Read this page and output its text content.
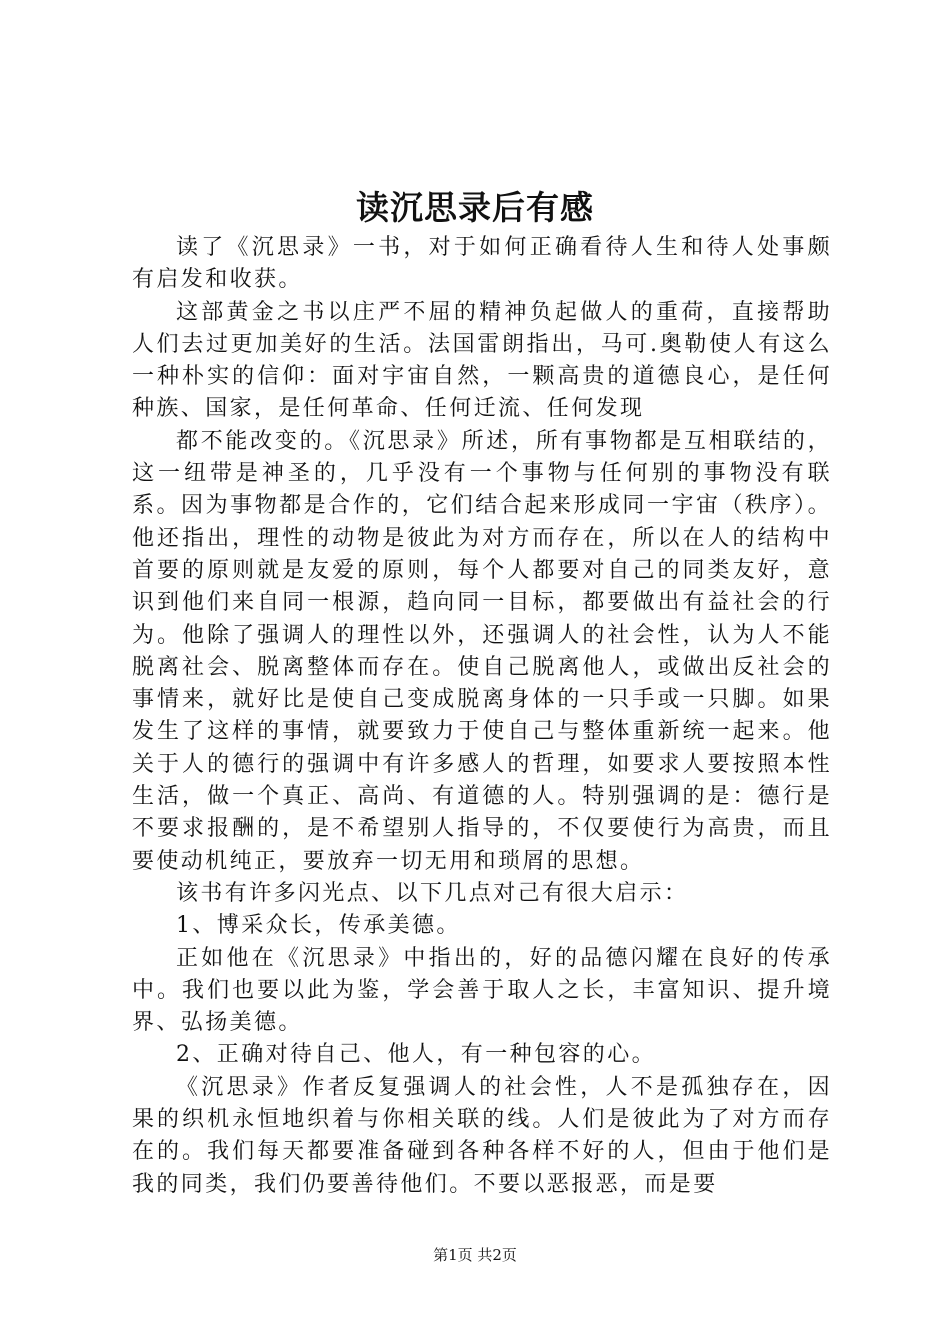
读沉思录后有感

读了《沉思录》一书，对于如何正确看待人生和待人处事颇有启发和收获。

这部黄金之书以庄严不屈的精神负起做人的重荷，直接帮助人们去过更加美好的生活。法国雷朗指出，马可.奥勒使人有这么一种朴实的信仰：面对宇宙自然，一颗高贵的道德良心，是任何种族、国家，是任何革命、任何迁流、任何发现

都不能改变的。《沉思录》所述，所有事物都是互相联结的，这一纽带是神圣的，几乎没有一个事物与任何别的事物没有联系。因为事物都是合作的，它们结合起来形成同一宇宙（秩序）。他还指出，理性的动物是彼此为对方而存在，所以在人的结构中首要的原则就是友爱的原则，每个人都要对自己的同类友好，意识到他们来自同一根源，趋向同一目标，都要做出有益社会的行为。他除了强调人的理性以外，还强调人的社会性，认为人不能脱离社会、脱离整体而存在。使自己脱离他人，或做出反社会的事情来，就好比是使自己变成脱离身体的一只手或一只脚。如果发生了这样的事情，就要致力于使自己与整体重新统一起来。他关于人的德行的强调中有许多感人的哲理，如要求人要按照本性生活，做一个真正、高尚、有道德的人。特别强调的是：德行是不要求报酬的，是不希望别人指导的，不仅要使行为高贵，而且要使动机纯正，要放弃一切无用和琐屑的思想。

该书有许多闪光点、以下几点对己有很大启示：

1、博采众长，传承美德。

正如他在《沉思录》中指出的，好的品德闪耀在良好的传承中。我们也要以此为鉴，学会善于取人之长，丰富知识、提升境界、弘扬美德。

2、正确对待自己、他人，有一种包容的心。

《沉思录》作者反复强调人的社会性，人不是孤独存在，因果的织机永恒地织着与你相关联的线。人们是彼此为了对方而存在的。我们每天都要准备碰到各种各样不好的人，但由于他们是我的同类，我们仍要善待他们。不要以恶报恶，而是要

第1页 共2页
